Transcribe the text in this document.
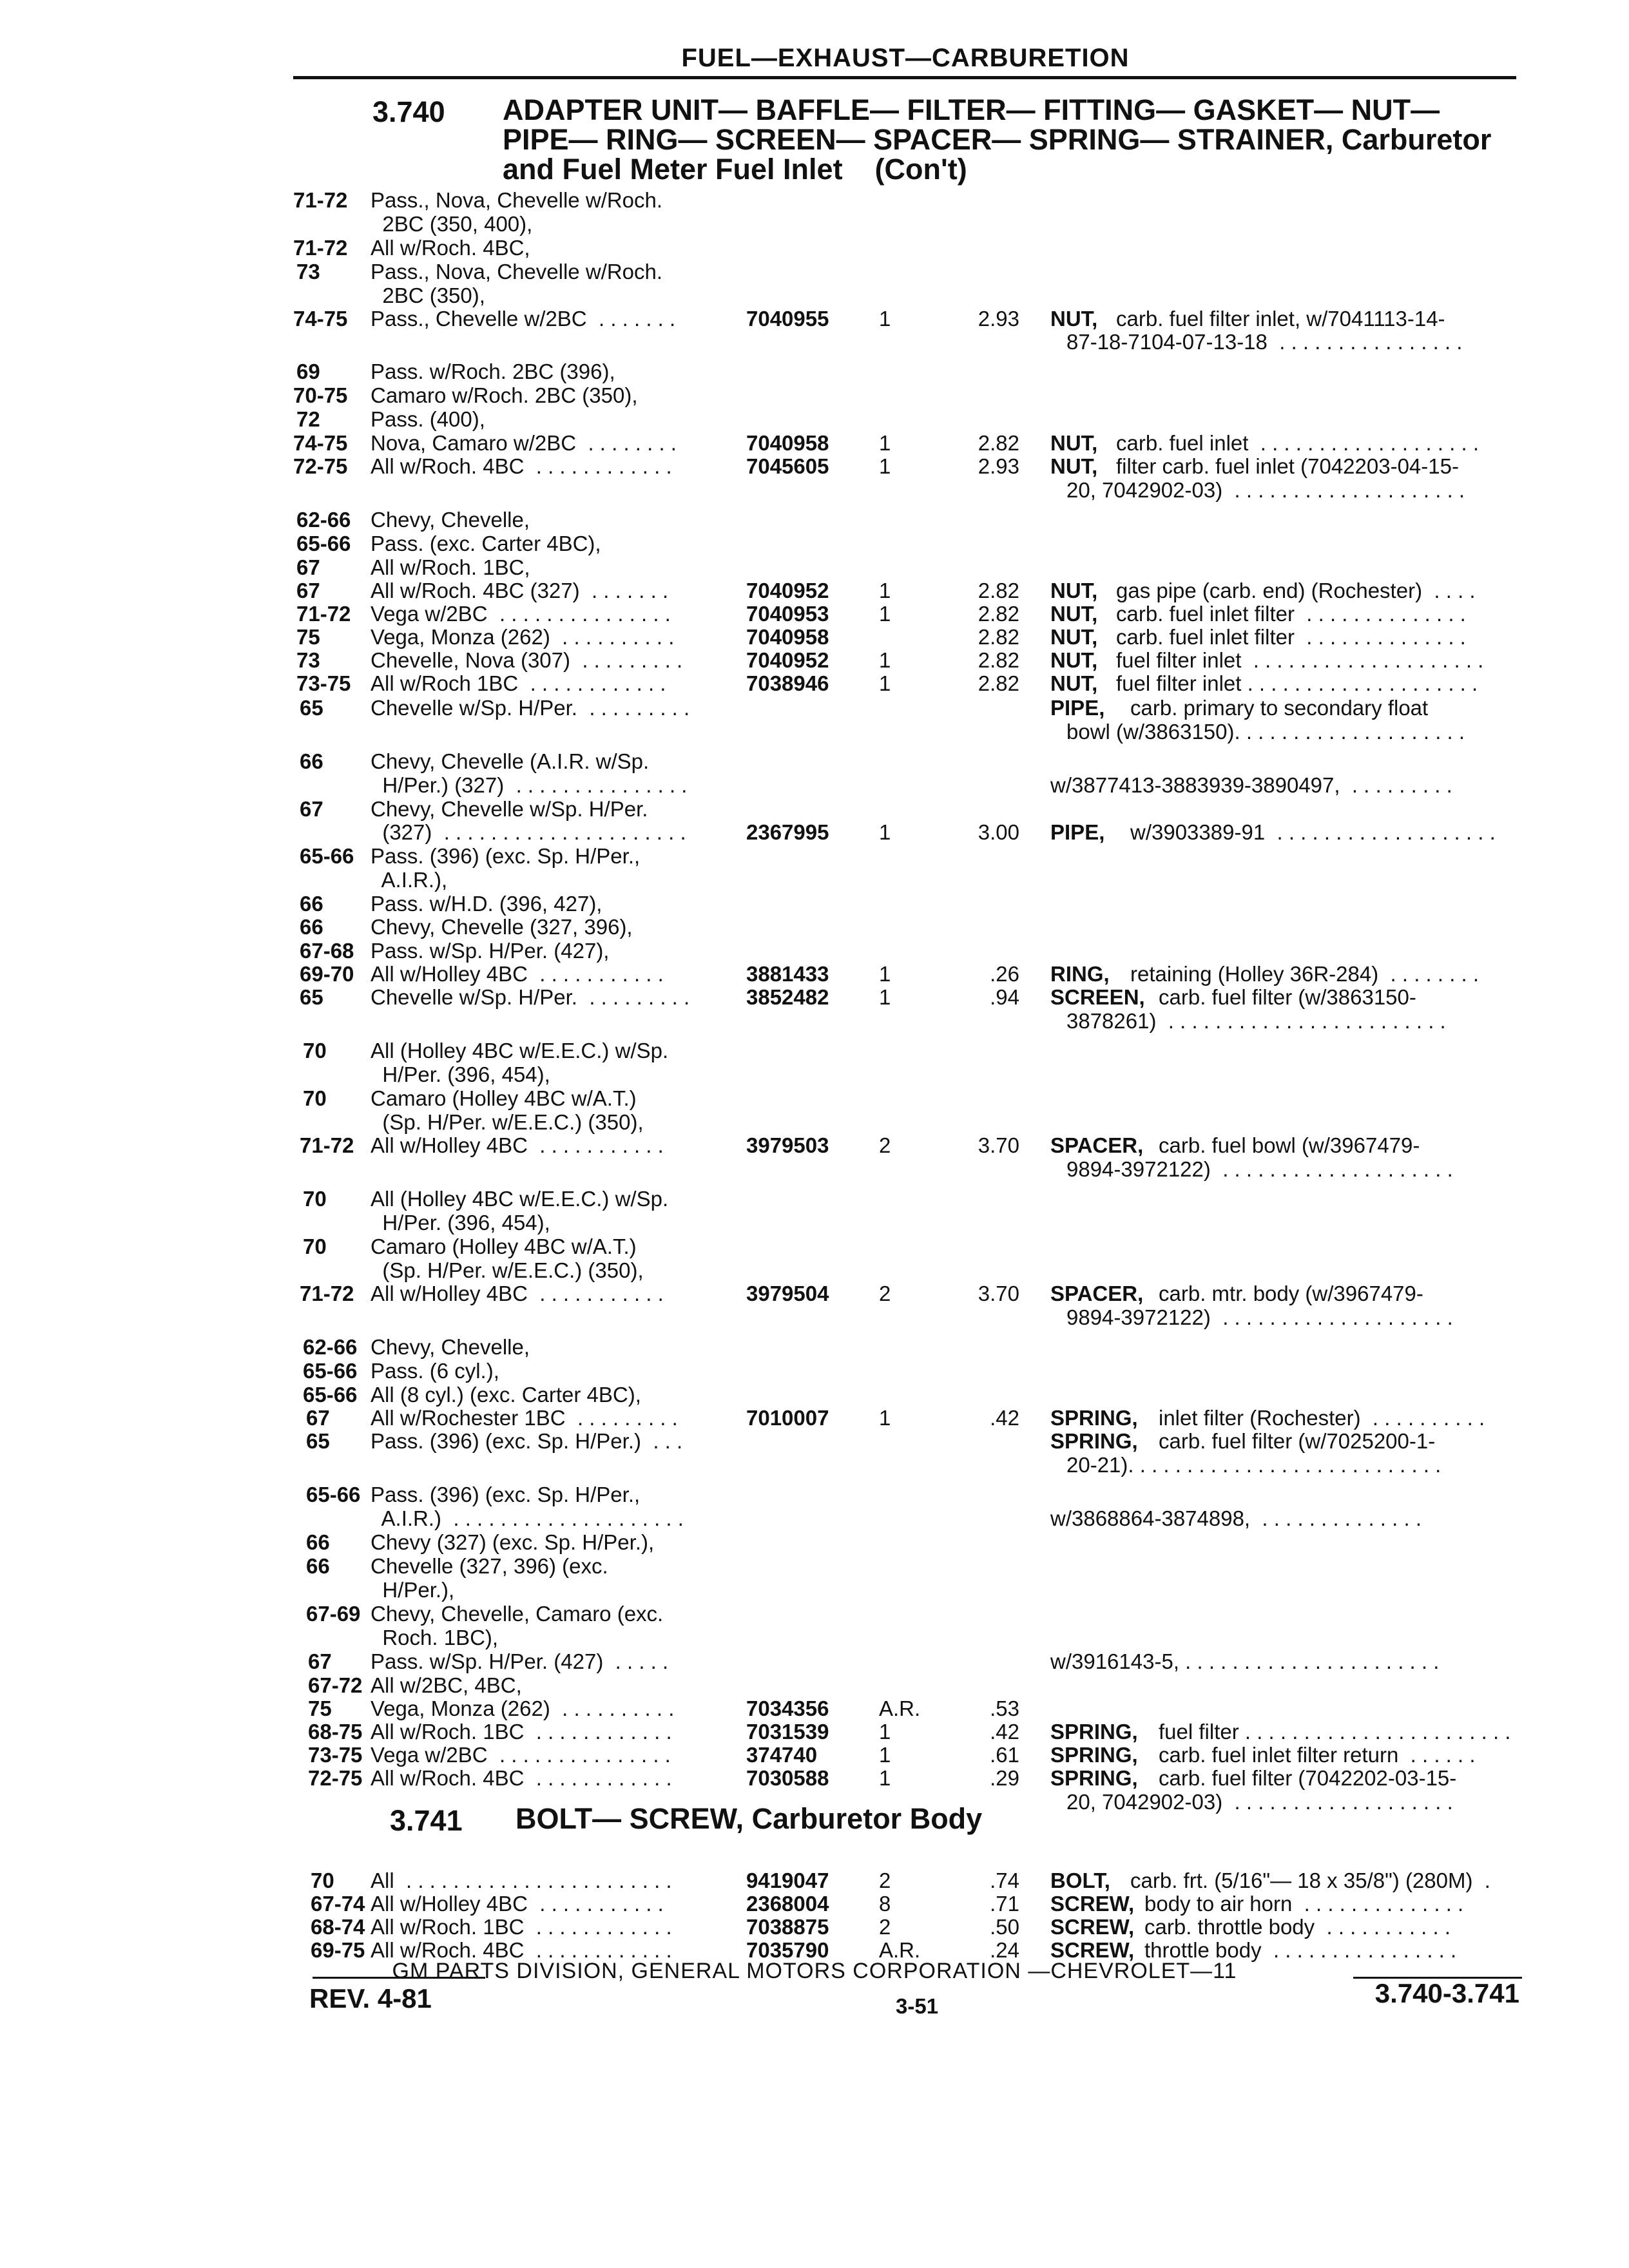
FUEL—EXHAUST—CARBURETION
3.740 ADAPTER UNIT— BAFFLE— FILTER— FITTING— GASKET— NUT—
PIPE— RING— SCREEN— SPACER— SPRING— STRAINER, Carburetor
and Fuel Meter Fuel Inlet    (Con't)
3.741 BOLT— SCREW, Carburetor Body
71-72 Pass., Nova, Chevelle w/Roch.
2BC (350, 400),
71-72 All w/Roch. 4BC,
73 Pass., Nova, Chevelle w/Roch.
2BC (350),
74-75 Pass., Chevelle w/2BC  . . . . . . .	7040955 1	2.93 NUT, carb. fuel filter inlet, w/7041113-14-
87-18-7104-07-13-18  . . . . . . . . . . . . . . . .
69 Pass. w/Roch. 2BC (396),
70-75 Camaro w/Roch. 2BC (350),
72 Pass. (400),
74-75 Nova, Camaro w/2BC  . . . . . . . .	7040958 1	2.82 NUT, carb. fuel inlet  . . . . . . . . . . . . . . . . . . .
72-75 All w/Roch. 4BC  . . . . . . . . . . . .	7045605 1	2.93 NUT, filter carb. fuel inlet (7042203-04-15-
20, 7042902-03)  . . . . . . . . . . . . . . . . . . . .
62-66 Chevy, Chevelle,
65-66 Pass. (exc. Carter 4BC),
67 All w/Roch. 1BC,
67 All w/Roch. 4BC (327)  . . . . . . .	7040952 1	2.82 NUT, gas pipe (carb. end) (Rochester)  . . . .
71-72 Vega w/2BC  . . . . . . . . . . . . . . .	7040953 1	2.82 NUT, carb. fuel inlet filter  . . . . . . . . . . . . . .
75 Vega, Monza (262)  . . . . . . . . . .	7040958	2.82 NUT, carb. fuel inlet filter  . . . . . . . . . . . . . .
73 Chevelle, Nova (307)  . . . . . . . . .	7040952 1	2.82 NUT, fuel filter inlet  . . . . . . . . . . . . . . . . . . . .
73-75 All w/Roch 1BC  . . . . . . . . . . . .	7038946 1	2.82 NUT, fuel filter inlet . . . . . . . . . . . . . . . . . . . .
65 Chevelle w/Sp. H/Per.  . . . . . . . . .	PIPE, carb. primary to secondary float
bowl (w/3863150). . . . . . . . . . . . . . . . . . . .
66 Chevy, Chevelle (A.I.R. w/Sp.
H/Per.) (327)  . . . . . . . . . . . . . . .	w/3877413-3883939-3890497,  . . . . . . . . .
67 Chevy, Chevelle w/Sp. H/Per.
(327)  . . . . . . . . . . . . . . . . . . . . .	2367995 1	3.00 PIPE, w/3903389-91  . . . . . . . . . . . . . . . . . . .
65-66 Pass. (396) (exc. Sp. H/Per.,
A.I.R.),
66 Pass. w/H.D. (396, 427),
66 Chevy, Chevelle (327, 396),
67-68 Pass. w/Sp. H/Per. (427),
69-70 All w/Holley 4BC  . . . . . . . . . . .	3881433 1	.26 RING, retaining (Holley 36R-284)  . . . . . . . .
65 Chevelle w/Sp. H/Per.  . . . . . . . . .	3852482 1	.94 SCREEN, carb. fuel filter (w/3863150-
3878261)  . . . . . . . . . . . . . . . . . . . . . . . .
70 All (Holley 4BC w/E.E.C.) w/Sp.
H/Per. (396, 454),
70 Camaro (Holley 4BC w/A.T.)
(Sp. H/Per. w/E.E.C.) (350),
71-72 All w/Holley 4BC  . . . . . . . . . . .	3979503 2	3.70 SPACER, carb. fuel bowl (w/3967479-
9894-3972122)  . . . . . . . . . . . . . . . . . . . .
70 All (Holley 4BC w/E.E.C.) w/Sp.
H/Per. (396, 454),
70 Camaro (Holley 4BC w/A.T.)
(Sp. H/Per. w/E.E.C.) (350),
71-72 All w/Holley 4BC  . . . . . . . . . . .	3979504 2	3.70 SPACER, carb. mtr. body (w/3967479-
9894-3972122)  . . . . . . . . . . . . . . . . . . . .
62-66 Chevy, Chevelle,
65-66 Pass. (6 cyl.),
65-66 All (8 cyl.) (exc. Carter 4BC),
67 All w/Rochester 1BC  . . . . . . . . .	7010007 1	.42 SPRING, inlet filter (Rochester)  . . . . . . . . . .
65 Pass. (396) (exc. Sp. H/Per.)  . . .	SPRING, carb. fuel filter (w/7025200-1-
20-21). . . . . . . . . . . . . . . . . . . . . . . . . . .
65-66 Pass. (396) (exc. Sp. H/Per.,
A.I.R.)  . . . . . . . . . . . . . . . . . . . .	w/3868864-3874898,  . . . . . . . . . . . . . .
66 Chevy (327) (exc. Sp. H/Per.),
66 Chevelle (327, 396) (exc.
H/Per.),
67-69 Chevy, Chevelle, Camaro (exc.
Roch. 1BC),
67 Pass. w/Sp. H/Per. (427)  . . . . .	w/3916143-5, . . . . . . . . . . . . . . . . . . . . . .
67-72 All w/2BC, 4BC,
75 Vega, Monza (262)  . . . . . . . . . .	7034356 A.R.	.53
68-75 All w/Roch. 1BC  . . . . . . . . . . . .	7031539 1	.42 SPRING, fuel filter . . . . . . . . . . . . . . . . . . . . . . .
73-75 Vega w/2BC  . . . . . . . . . . . . . . .	374740	1	.61 SPRING, carb. fuel inlet filter return  . . . . . .
72-75 All w/Roch. 4BC  . . . . . . . . . . . .	7030588 1	.29 SPRING, carb. fuel filter (7042202-03-15-
20, 7042902-03)  . . . . . . . . . . . . . . . . . . .
70 All  . . . . . . . . . . . . . . . . . . . . . . .	9419047 2	.74 BOLT, carb. frt. (5/16"— 18 x 35/8") (280M)  .
67-74 All w/Holley 4BC  . . . . . . . . . . .	2368004 8	.71 SCREW, body to air horn  . . . . . . . . . . . . . .
68-74 All w/Roch. 1BC  . . . . . . . . . . . .	7038875 2	.50 SCREW, carb. throttle body  . . . . . . . . . . .
69-75 All w/Roch. 4BC  . . . . . . . . . . . .	7035790 A.R.	.24 SCREW, throttle body  . . . . . . . . . . . . . . . .
GM PARTS DIVISION, GENERAL MOTORS CORPORATION —CHEVROLET—11
REV. 4-81	3-51	3.740-3.741
